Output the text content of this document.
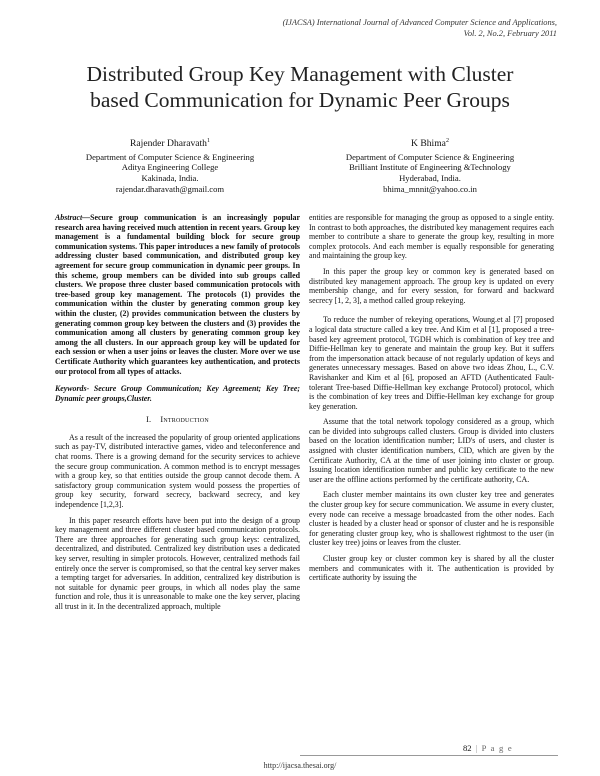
(IJACSA) International Journal of Advanced Computer Science and Applications,
Vol. 2, No.2, February 2011
Distributed Group Key Management with Cluster
based Communication for Dynamic Peer Groups
Rajender Dharavath$^1$
Department of Computer Science & Engineering
Aditya Engineering College
Kakinada, India.
rajendar.dharavath@gmail.com
K Bhima$^2$
Department of Computer Science & Engineering
Brilliant Institute of Engineering &Technology
Hyderabad, India.
bhima_mnnit@yahoo.co.in

Abstract—Secure group communication is an increasingly popular research area having received much attention in recent years. Group key management is a fundamental building block for secure group communication systems. This paper introduces a new family of protocols addressing cluster based communication, and distributed group key agreement for secure group communication in dynamic peer groups. In this scheme, group members can be divided into sub groups called clusters. We propose three cluster based communication protocols with tree-based group key management. The protocols (1) provides the communication within the cluster by generating common group key within the cluster, (2) provides communication between the clusters by generating common group key between the clusters and (3) provides the communication among all clusters by generating common group key among the all clusters. In our approach group key will be updated for each session or when a user joins or leaves the cluster. More over we use Certificate Authority which guarantees key authentication, and protects our protocol from all types of attacks.

Keywords- Secure Group Communication; Key Agreement; Key Tree; Dynamic peer groups,Cluster.

I. Introduction

As a result of the increased the popularity of group oriented applications such as pay-TV, distributed interactive games, video and teleconference and chat rooms. There is a growing demand for the security services to achieve the secure group communication. A common method is to encrypt messages with a group key, so that entities outside the group cannot decode them. A satisfactory group communication system would possess the properties of group key security, forward secrecy, backward secrecy, and key independence [1,2,3].

In this paper research efforts have been put into the design of a group key management and three different cluster based communication protocols. There are three approaches for generating such group keys: centralized, decentralized, and distributed. Centralized key distribution uses a dedicated key server, resulting in simpler protocols. However, centralized methods fail entirely once the server is compromised, so that the central key server makes a tempting target for adversaries. In addition, centralized key distribution is not suitable for dynamic peer groups, in which all nodes play the same function and role, thus it is unreasonable to make one the key server, placing all trust in it. In the decentralized approach, multiple

entities are responsible for managing the group as opposed to a single entity. In contrast to both approaches, the distributed key management requires each member to contribute a share to generate the group key, resulting in more complex protocols. And each member is equally responsible for generating and maintaining the group key.

In this paper the group key or common key is generated based on distributed key management approach. The group key is updated on every membership change, and for every session, for forward and backward secrecy [1, 2, 3], a method called group rekeying.

To reduce the number of rekeying operations, Woung.et al [7] proposed a logical data structure called a key tree. And Kim et al [1], proposed a tree-based key agreement protocol, TGDH which is combination of key tree and Diffie-Hellman key to generate and maintain the group key. But it suffers from the impersonation attack because of not regularly updation of keys and generates unnecessary messages. Based on above two ideas Zhou, L., C.V. Ravishanker and Kim et al [6], proposed an AFTD (Authenticated Fault-tolerant Tree-based Diffie-Hellman key exchange Protocol) protocol, which is the combination of key trees and Diffie-Hellman key exchange for group key generation.

Assume that the total network topology considered as a group, which can be divided into subgroups called clusters. Group is divided into clusters based on the location identification number; LID's of users, and cluster is assigned with cluster identification numbers, CID, which are given by the Certificate Authority, CA at the time of user joining into cluster or group. Issuing location identification number and public key certificate to the new user are the offline actions performed by the certificate authority, CA.

Each cluster member maintains its own cluster key tree and generates the cluster group key for secure communication. We assume in every cluster, every node can receive a message broadcasted from the other nodes. Each cluster is headed by a cluster head or sponsor of cluster and he is responsible for generating cluster group key, who is shallowest rightmost to the user (in cluster key tree) joins or leaves from the cluster.

Cluster group key or cluster common key is shared by all the cluster members and communicates with it. The authentication is provided by certificate authority by issuing the

82 | P a g e
http://ijacsa.thesai.org/
